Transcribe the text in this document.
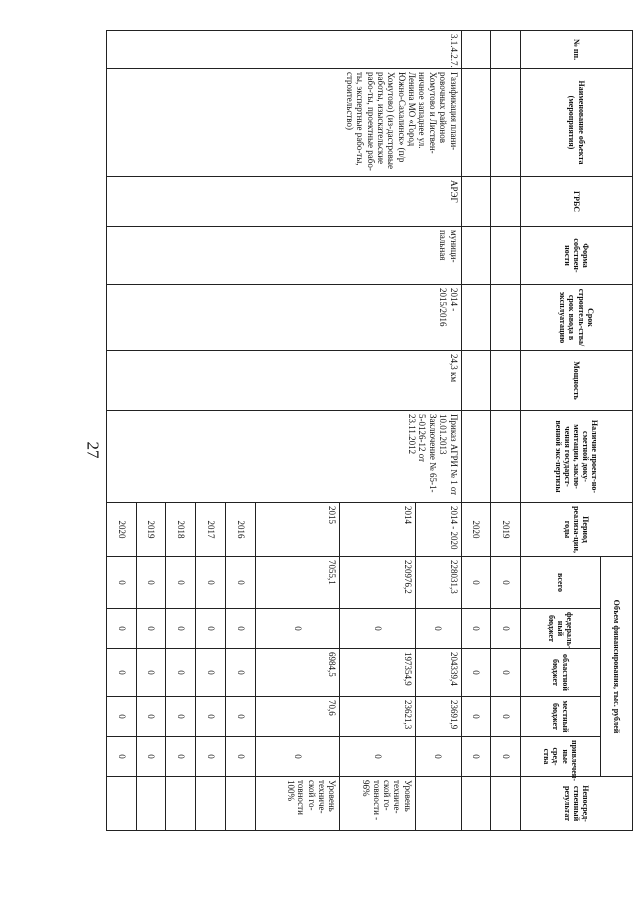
27
№ пп.	Наименование объекта (мероприятия)	ГРБС	Форма собствен-ности	Срок строитель-ства/срок ввода в эксплуатацию	Мощность	Наличие проект-но-сметной доку-ментации, заклю-чения государст-венной экс-пертизы	Период реализа-ции, годы	Объем финансирования, тыс. рублей					Непосред-ственный результат
								всего	федераль-ный бюджет	областной бюджет	местный бюджет	привлечен-ные сред-ства	
							2019	0	0	0	0	0	
							2020	0	0	0	0	0	
3.1.4.2.7.	Газификация плани-ровочных районов Хомутово и Листвен-ничное западнее ул. Ленина МО «Город Южно-Сахалинск» (п/р Хомутово) (из-дастровые работы, изыскательские рабо-ты, проектные рабо-ты, экспертные рабо-ты, строительство)	АРЭГ	муници-пальная	2014 - 2015/2016	24,3 км	Приказ АГРИ № 1 от 10.01.2013 Заключение № 65-1-5-0126-12 от 23.11.2012	2014 - 2020	228031,3	0	204339,4	23691,9	0	
							2014	220976,2	0	197354,9	23621,3	0	Уровень техниче-ской го-товности - 96%
							2015	7055,1	0	6984,5	70,6	0	Уровень техниче-ской го-товности 100%
							2016	0	0	0	0	0	
							2017	0	0	0	0	0	
							2018	0	0	0	0	0	
							2019	0	0	0	0	0	
							2020	0	0	0	0	0	
